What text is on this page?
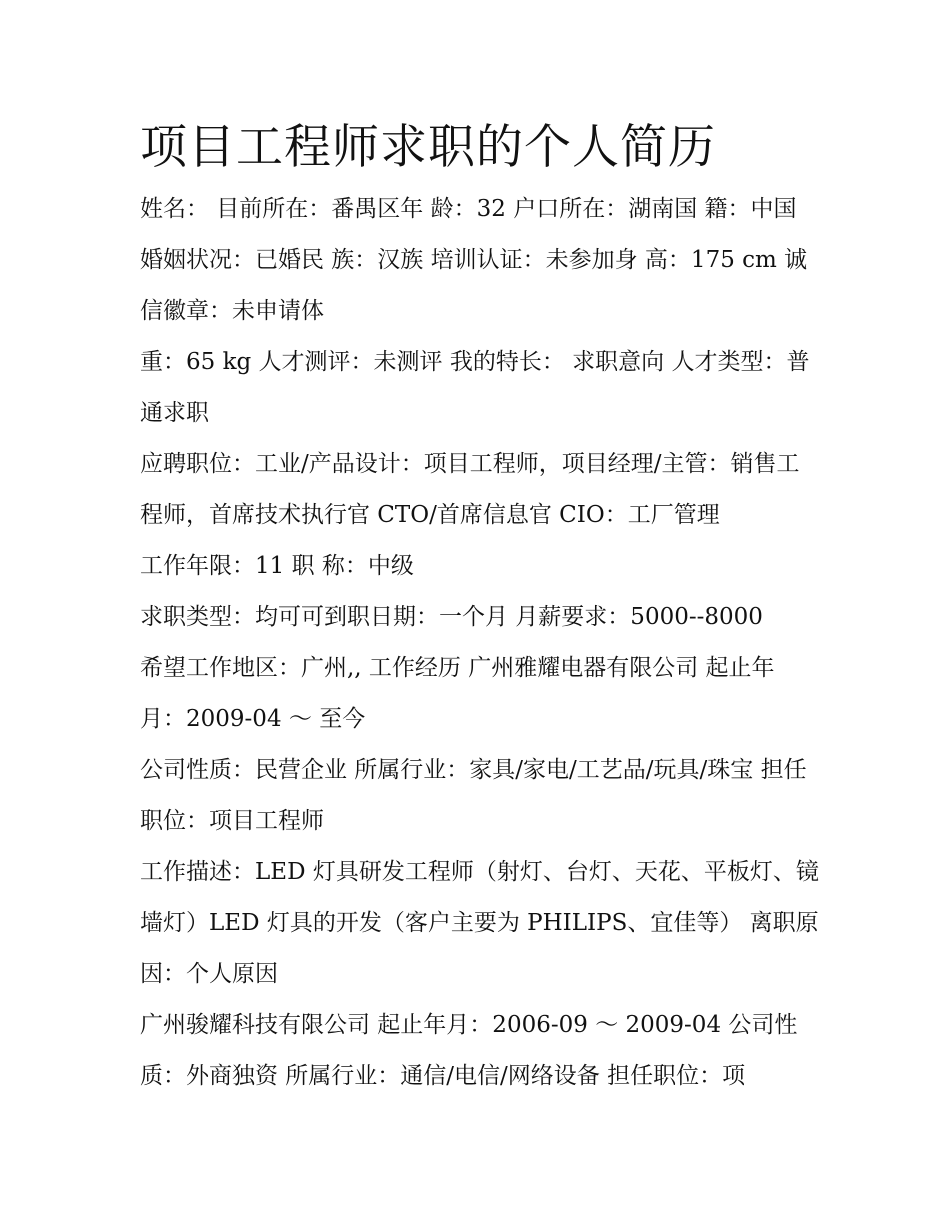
项目工程师求职的个人简历

姓名： 目前所在：番禺区年 龄：32 户口所在：湖南国 籍：中国 婚姻状况：已婚民 族：汉族 培训认证：未参加身 高：175 cm 诚信徽章：未申请体

重：65 kg 人才测评：未测评 我的特长： 求职意向 人才类型：普通求职

应聘职位：工业/产品设计：项目工程师，项目经理/主管：销售工程师，首席技术执行官 CTO/首席信息官 CIO：工厂管理

工作年限：11 职 称：中级

求职类型：均可可到职日期：一个月 月薪要求：5000--8000

希望工作地区：广州,, 工作经历 广州雅耀电器有限公司 起止年月：2009-04 ～ 至今

公司性质：民营企业 所属行业：家具/家电/工艺品/玩具/珠宝 担任职位：项目工程师

工作描述：LED 灯具研发工程师（射灯、台灯、天花、平板灯、镜墙灯）LED 灯具的开发（客户主要为 PHILIPS、宜佳等） 离职原因：个人原因

广州骏耀科技有限公司 起止年月：2006-09 ～ 2009-04 公司性质：外商独资 所属行业：通信/电信/网络设备 担任职位：项
